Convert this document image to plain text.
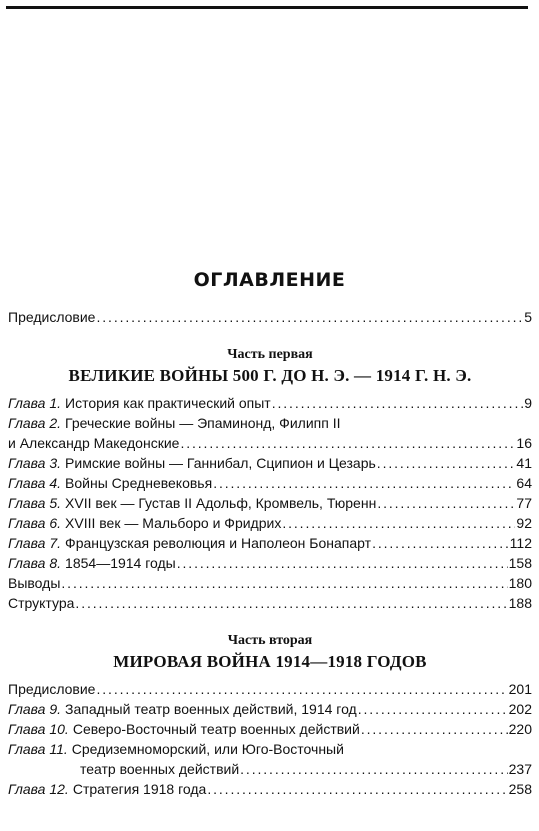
ОГЛАВЛЕНИЕ
Предисловие . . .	5
Часть первая
ВЕЛИКИЕ ВОЙНЫ 500 Г. ДО Н. Э. — 1914 Г. Н. Э.
Глава 1. История как практический опыт . . .	9
Глава 2. Греческие войны — Эпаминонд, Филипп II
и Александр Македонские . . .	16
Глава 3. Римские войны — Ганнибал, Сципион и Цезарь . . .	41
Глава 4. Войны Средневековья . . .	64
Глава 5. XVII век — Густав II Адольф, Кромвель, Тюренн . . .	77
Глава 6. XVIII век — Мальборо и Фридрих . . .	92
Глава 7. Французская революция и Наполеон Бонапарт . . .	112
Глава 8. 1854—1914 годы . . .	158
Выводы . . .	180
Структура . . .	188
Часть вторая
МИРОВАЯ ВОЙНА 1914—1918 ГОДОВ
Предисловие . . .	201
Глава 9. Западный театр военных действий, 1914 год . . .	202
Глава 10. Северо-Восточный театр военных действий . . .	220
Глава 11. Средиземноморский, или Юго-Восточный
театр военных действий . . .	237
Глава 12. Стратегия 1918 года . . .	258
